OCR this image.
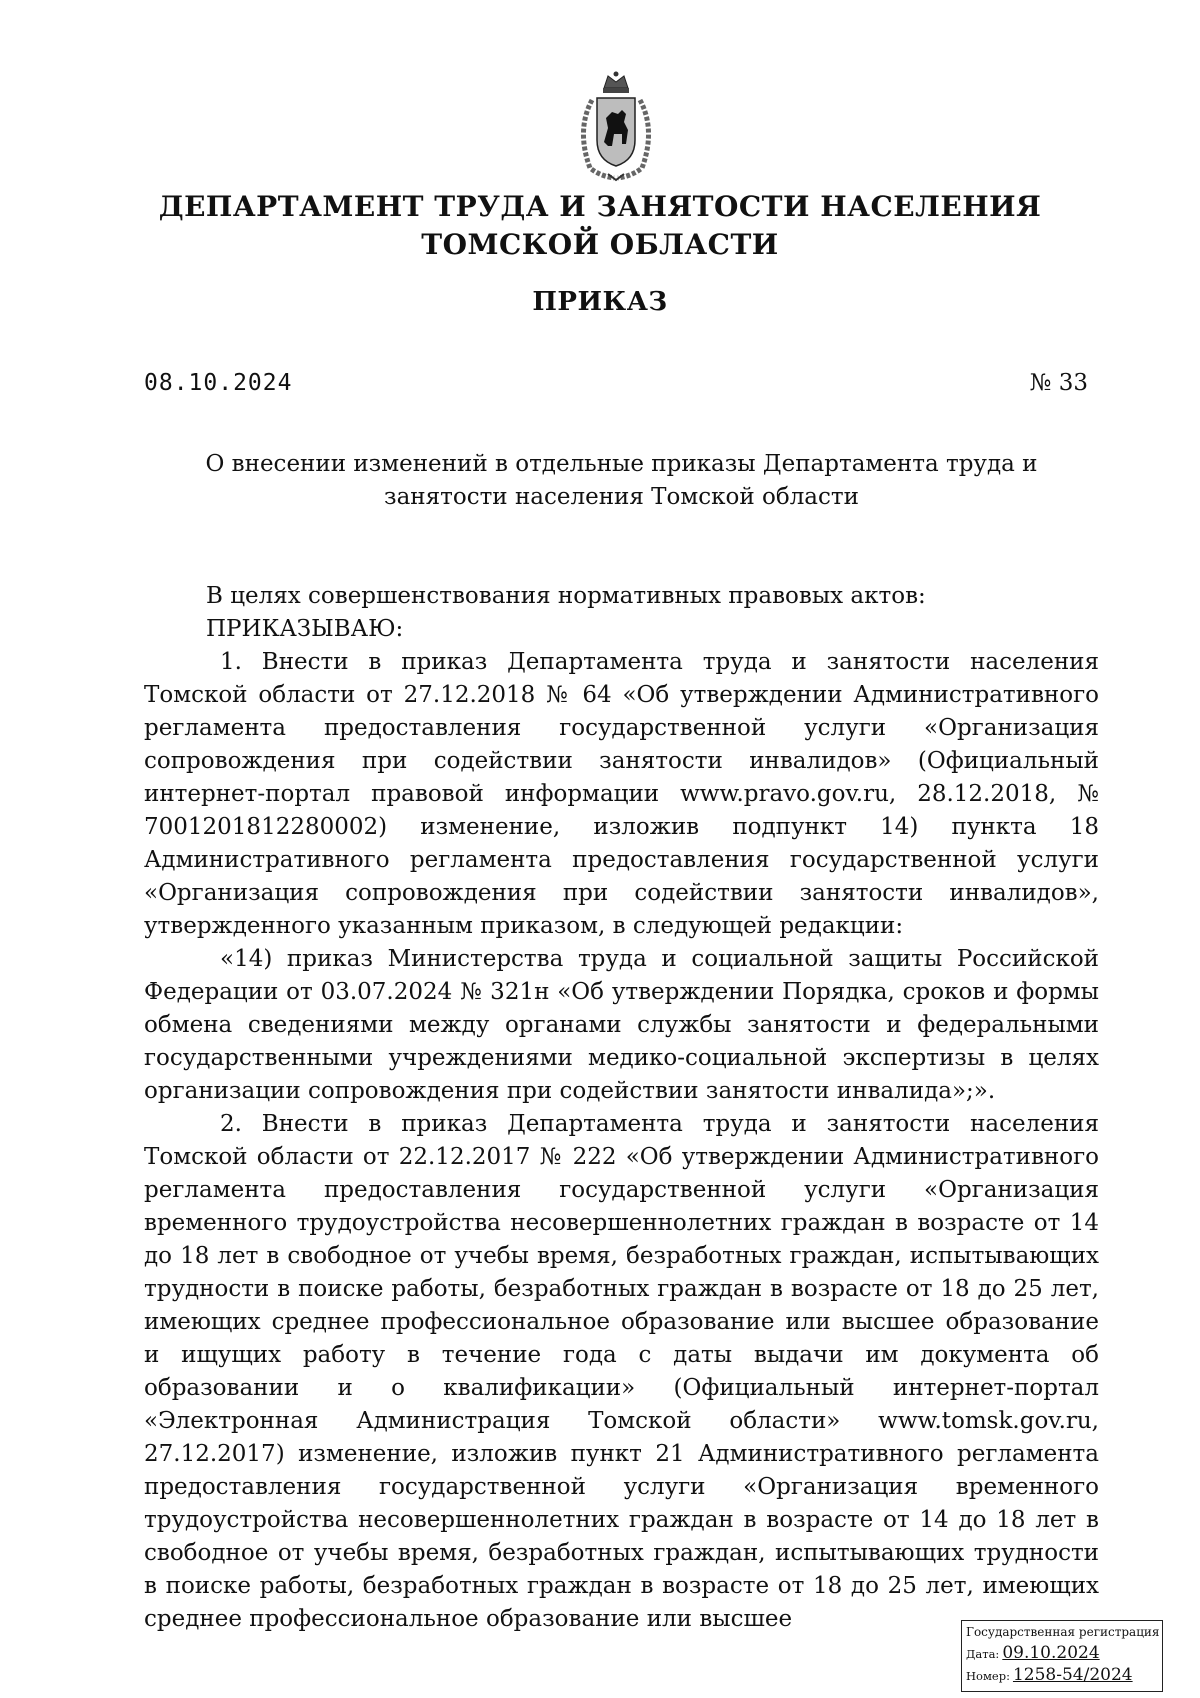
ДЕПАРТАМЕНТ ТРУДА И ЗАНЯТОСТИ НАСЕЛЕНИЯ
ТОМСКОЙ ОБЛАСТИ
ПРИКАЗ
08.10.2024	№ 33
О внесении изменений в отдельные приказы Департамента труда и занятости населения Томской области

В целях совершенствования нормативных правовых актов:

ПРИКАЗЫВАЮ:

1. Внести в приказ Департамента труда и занятости населения Томской области от 27.12.2018 № 64 «Об утверждении Административного регламента предоставления государственной услуги «Организация сопровождения при содействии занятости инвалидов» (Официальный интернет-портал правовой информации www.pravo.gov.ru, 28.12.2018, № 7001201812280002) изменение, изложив подпункт 14) пункта 18 Административного регламента предоставления государственной услуги «Организация сопровождения при содействии занятости инвалидов», утвержденного указанным приказом, в следующей редакции:

«14) приказ Министерства труда и социальной защиты Российской Федерации от 03.07.2024 № 321н «Об утверждении Порядка, сроков и формы обмена сведениями между органами службы занятости и федеральными государственными учреждениями медико-социальной экспертизы в целях организации сопровождения при содействии занятости инвалида»;».

2. Внести в приказ Департамента труда и занятости населения Томской области от 22.12.2017 № 222 «Об утверждении Административного регламента предоставления государственной услуги «Организация временного трудоустройства несовершеннолетних граждан в возрасте от 14 до 18 лет в свободное от учебы время, безработных граждан, испытывающих трудности в поиске работы, безработных граждан в возрасте от 18 до 25 лет, имеющих среднее профессиональное образование или высшее образование и ищущих работу в течение года с даты выдачи им документа об образовании и о квалификации» (Официальный интернет-портал «Электронная Администрация Томской области» www.tomsk.gov.ru, 27.12.2017) изменение, изложив пункт 21 Административного регламента предоставления государственной услуги «Организация временного трудоустройства несовершеннолетних граждан в возрасте от 14 до 18 лет в свободное от учебы время, безработных граждан, испытывающих трудности в поиске работы, безработных граждан в возрасте от 18 до 25 лет, имеющих среднее профессиональное образование или высшее	Государственная регистрация
Дата: 09.10.2024
Номер: 1258-54/2024
